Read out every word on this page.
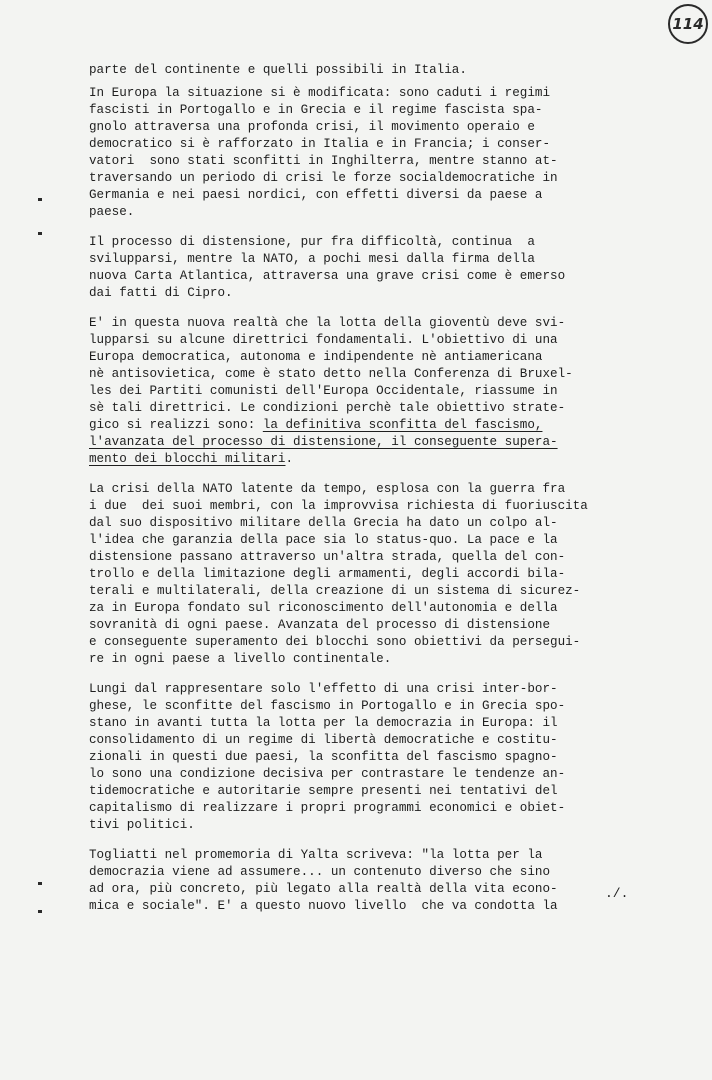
114

parte del continente e quelli possibili in Italia.

In Europa la situazione si è modificata: sono caduti i regimi
fascisti in Portogallo e in Grecia e il regime fascista spa-
gnolo attraversa una profonda crisi, il movimento operaio e
democratico si è rafforzato in Italia e in Francia; i conser-
vatori  sono stati sconfitti in Inghilterra, mentre stanno at-
traversando un periodo di crisi le forze socialdemocratiche in
Germania e nei paesi nordici, con effetti diversi da paese a
paese.

Il processo di distensione, pur fra difficoltà, continua  a
svilupparsi, mentre la NATO, a pochi mesi dalla firma della
nuova Carta Atlantica, attraversa una grave crisi come è emerso
dai fatti di Cipro.

E' in questa nuova realtà che la lotta della gioventù deve svi-
lupparsi su alcune direttrici fondamentali. L'obiettivo di una
Europa democratica, autonoma e indipendente nè antiamericana
nè antisovietica, come è stato detto nella Conferenza di Bruxel-
les dei Partiti comunisti dell'Europa Occidentale, riassume in
sè tali direttrici. Le condizioni perchè tale obiettivo strate-
gico si realizzi sono: la definitiva sconfitta del fascismo,
l'avanzata del processo di distensione, il conseguente supera-
mento dei blocchi militari.

La crisi della NATO latente da tempo, esplosa con la guerra fra
i due  dei suoi membri, con la improvvisa richiesta di fuoriuscita
dal suo dispositivo militare della Grecia ha dato un colpo al-
l'idea che garanzia della pace sia lo status-quo. La pace e la
distensione passano attraverso un'altra strada, quella del con-
trollo e della limitazione degli armamenti, degli accordi bila-
terali e multilaterali, della creazione di un sistema di sicurez-
za in Europa fondato sul riconoscimento dell'autonomia e della
sovranità di ogni paese. Avanzata del processo di distensione
e conseguente superamento dei blocchi sono obiettivi da persegui-
re in ogni paese a livello continentale.

Lungi dal rappresentare solo l'effetto di una crisi inter-bor-
ghese, le sconfitte del fascismo in Portogallo e in Grecia spo-
stano in avanti tutta la lotta per la democrazia in Europa: il
consolidamento di un regime di libertà democratiche e costitu-
zionali in questi due paesi, la sconfitta del fascismo spagno-
lo sono una condizione decisiva per contrastare le tendenze an-
tidemocratiche e autoritarie sempre presenti nei tentativi del
capitalismo di realizzare i propri programmi economici e obiet-
tivi politici.

Togliatti nel promemoria di Yalta scriveva: "la lotta per la
democrazia viene ad assumere... un contenuto diverso che sino
ad ora, più concreto, più legato alla realtà della vita econo-
mica e sociale". E' a questo nuovo livello  che va condotta la

./.
